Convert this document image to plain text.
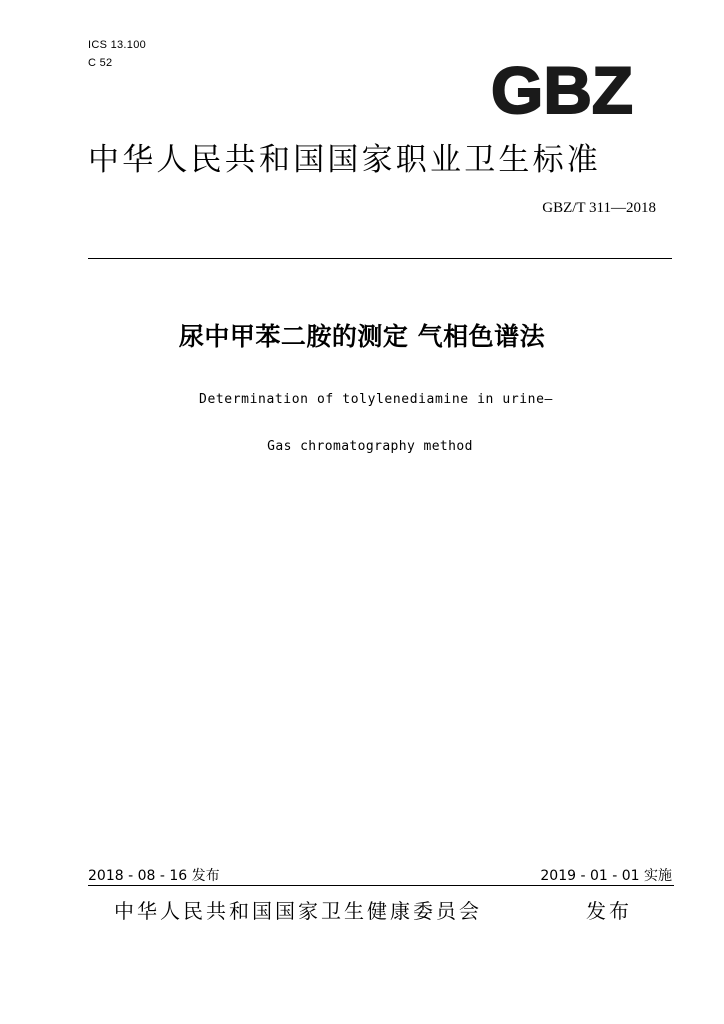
ICS 13.100
C 52	GBZ
中华人民共和国国家职业卫生标准
GBZ/T 311—2018
尿中甲苯二胺的测定 气相色谱法
Determination of tolylenediamine in urine—
Gas chromatography method
2018 - 08 - 16 发布	2019 - 01 - 01 实施
中华人民共和国国家卫生健康委员会	发布
